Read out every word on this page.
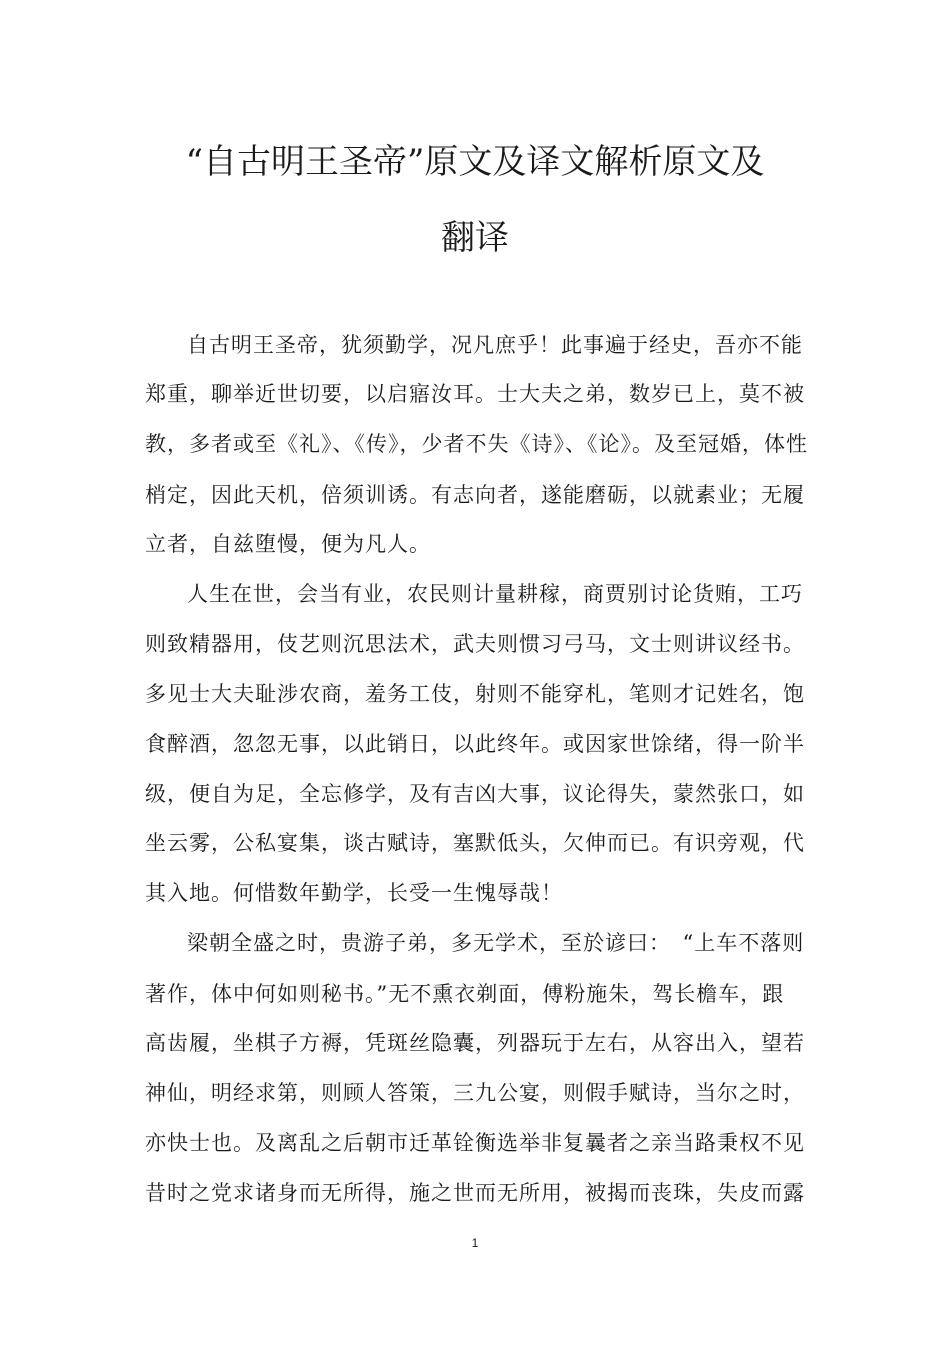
“自古明王圣帝”原文及译文解析原文及
翻译
自古明王圣帝，犹须勤学，况凡庶乎！此事遍于经史，吾亦不能
郑重，聊举近世切要，以启寤汝耳。士大夫之弟，数岁已上，莫不被
教，多者或至《礼》、《传》，少者不失《诗》、《论》。及至冠婚，体性
梢定，因此天机，倍须训诱。有志向者，遂能磨砺，以就素业；无履
立者，自兹堕慢，便为凡人。
人生在世，会当有业，农民则计量耕稼，商贾别讨论货贿，工巧
则致精器用，伎艺则沉思法术，武夫则惯习弓马，文士则讲议经书。
多见士大夫耻涉农商，羞务工伎，射则不能穿札，笔则才记姓名，饱
食醉酒，忽忽无事，以此销日，以此终年。或因家世馀绪，得一阶半
级，便自为足，全忘修学，及有吉凶大事，议论得失，蒙然张口，如
坐云雾，公私宴集，谈古赋诗，塞默低头，欠伸而已。有识旁观，代
其入地。何惜数年勤学，长受一生愧辱哉！
梁朝全盛之时，贵游子弟，多无学术，至於谚曰：　“上车不落则
著作，体中何如则秘书。”无不熏衣剃面，傅粉施朱，驾长檐车，跟
高齿履，坐棋子方褥，凭斑丝隐囊，列器玩于左右，从容出入，望若
神仙，明经求第，则顾人答策，三九公宴，则假手赋诗，当尔之时，
亦快士也。及离乱之后朝市迁革铨衡选举非复曩者之亲当路秉权不见
昔时之党求诸身而无所得，施之世而无所用，被揭而丧珠，失皮而露
1
